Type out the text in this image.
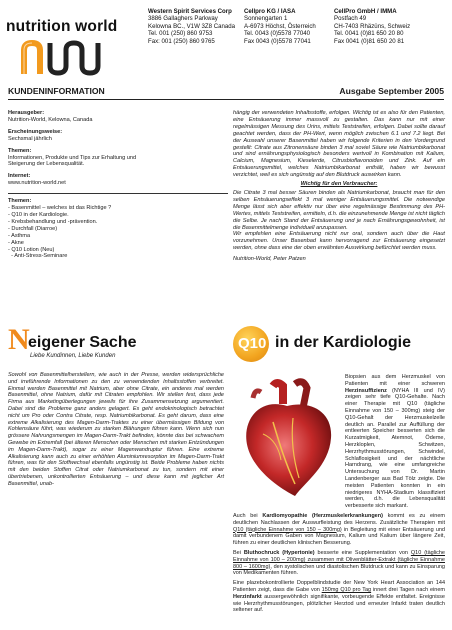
nutrition world
Western Spirit Services Corp
3886 Gallaghers Parkway
Kelowna BC., V1W 3Z8 Canada
Tel. 001 (250) 860 9753
Fax: 001 (250) 860 9765
Cellpro KG / IASA
Sonnengarten 1
A-6973 Höchst, Österreich
Tel. 0043 (0)5578 77040
Fax 0043 (0)5578 77041
CellPro GmbH / IMMA
Postfach 49
CH-7403 Rhäzüns, Schweiz
Tel. 0041 (0)81 650 20 80
Fax 0041 (0)81 650 20 81
KUNDENINFORMATION	Ausgabe September 2005
Herausgeber:
Nutrition-World, Kelowna, Canada
Erscheinungsweise:
Sechsmal jährlich
Themen:
Informationen, Produkte und Tips zur Erhaltung und Steigerung der Lebensqualität.
Internet:
www.nutrition-world.net
Themen:
- Basenmittel – welches ist das Richtige ?
- Q10 in der Kardiologie.
- Krebsbehandlung und -prävention.
- Durchfall (Diarroe)
- Asthma
- Akne
- Q10 Lotion (Neu)
- Anti-Stress-Seminare
hängig der verwendeten Inhaltsstoffe, erfolgen. Wichtig ist es also für den Patienten, eine Entsäuerung immer massvoll zu gestalten. Das kann nur mit einer regelmässigen Messung des Urins, mittels Teststreifen, erfolgen. Dabei sollte darauf geachtet werden, dass der PH-Wert, wenn möglich zwischen 6.1 und 7.2 liegt. Bei der Auswahl unserer Basenmittel haben wir folgende Kriterien in den Vordergrund gestellt: Citrate aus Zitronensäure binden 3 mal soviel Säure wie Natriumbikarbonat und sind ernährungsphysiologisch besonders wertvoll in Kombination mit Kalium, Calcium, Magnesium, Kieselerde, Citrusbioflavonoiden und Zink. Auf ein Entsäuerungsmittel, welches Natriumbikarbonat enthält, haben wir bewusst verzichtet, weil es sich ungünstig auf den Blutdruck auswirken kann.
Wichtig für den Verbraucher:
Die Citrate 3 mal besser Säuren binden als Natriumkarbonat, braucht man für den selben Entsäuerungseffekt 3 mal weniger Entsäuerungsmittel. Die notwendige Menge lässt sich aber effektiv nur über eine regelmässige Bestimmung des PH-Wertes, mittels Teststreifen, ermitteln, d.h. die einzunehmende Menge ist nicht täglich die Selbe. Je nach Stand der Entsäuerung und je nach Ernährungsgewohnheit, ist die Basenmittelmenge individuell anzupassen.
Wir empfehlen eine Entsäuerung nicht nur oral, sondern auch über die Haut vorzunehmen. Unser Basenbad kann hervorragend zur Entsäuerung eingesetzt werden, ohne dass eine der oben erwähnten Auswirkung befürchtet werden muss.
Nutrition-World, Peter Patzen
N
eigener Sache
Liebe Kundinnen, Liebe Kunden
Sowohl von Basenmittelherstellern, wie auch in der Presse, werden widersprüchliche und irreführende Informationen zu den zu verwendenden Inhaltsstoffen verbreitet. Einmal werden Basenmittel mit Natrium, aber ohne Citrate, ein anderes mal werden Basenmittel, ohne Natrium, dafür mit Citraten empfohlen. Wir stellen fest, dass jede Firma aus Marketingüberlegungen jeweils für ihre Zusammensetzung argumentiert. Dabei sind die Probleme ganz anders gelagert. Es geht endokrinologisch betrachtet nicht um Pro oder Contra Citrate, resp. Natriumbikarbonat. Es geht darum, dass eine extreme Alkalisierung des Magen-Darm-Traktes zu einer übermässigen Bildung von Kohlensäure führt, was wiederum zu starken Blähungen führen kann. Wenn sich nun grössere Nahrungsmengen im Magen-Darm-Trakt befinden, könnte das bei schwachem Gewebe im Extremfall (bei älteren Menschen oder Menschen mit starken Entzündungen im Magen-Darm-Trakt), sogar zu einer Magenwandruptur führen. Eine extreme Alkalisierung kann auch zu einer erhöhten Aluminiumresorption im Magen-Darm-Trakt führen, was für den Stoffwechsel ebenfalls ungünstig ist. Beide Probleme haben nichts mit den beiden Stoffen Citrat oder Natriumkarbonat zu tun, sondern mit einer übertriebenen, unkontrollierten Entsäuerung – und diese kann mit jeglicher Art Basenmittel, unab-
Q10 in der Kardiologie
Biopsien aus dem Herzmuskel von Patienten mit einer schweren Herzinsuffizienz (NYHA III und IV) zeigen sehr tiefe Q10-Gehalte. Nach einer Therapie mit Q10 (tägliche Einnahme von 150 – 300mg) steig der Q10-Gehalt der Herzmuskelzelle deutlich an. Parallel zur Auffüllung der entleerten Speicher besserten sich die Kurzatmigkeit, Atemnot, Ödeme, Herzkloplen, Schwitzen, Herzrhythmusstörungen, Schwindel, Schlaflosigkeit und der nächtliche Harndrang, wie eine umfangreiche Untersuchung von Dr. Martin Landenberger aus Bad Tölz zeigte. Die meisten Patienten konnten in ein niedrigeres NYHA-Stadium klassifiziert werden, d.h. die Lebensqualität verbesserte sich markant.

Auch bei Kardiomyopathie (Herzmuskelerkrankungen) kommt es zu einem deutlichen Nachlassen der Auswurfleistung des Herzens. Zusätzliche Therapien mit Q10 (tägliche Einnahme von 150 – 300mg) in Begleitung mit einer Entsäuerung und damit verbundenem Gaben von Magnesium, Kalium und Kalium über längere Zeit, führen zu einer deutlichen klinischen Besserung.

Bei Bluthochruck (Hypertonie) besserte eine Supplementation von Q10 (tägliche Einnahme von 100 – 200mg) zusammen mit Olivenblätter-Extrakt (tägliche Einnahme 800 – 1600mg), den systolischen und diastolischen Blutdruck und kann zu Einsparung von Medikamenten führen.

Eine plazebokontrollierte Doppelblindstudie der New York Heart Association an 144 Patienten zeigt, dass die Gabe von 150mg Q10 pro Tag innert drei Tagen nach einem Herzinfarkt aussergewöhnlich signifikante, vorbeugende Effekte entfaltet. Ereignisse wie Herzrhythmusstörungen, plötzlicher Herztod und erneuter Infarkt traten deutlich seltener auf.
